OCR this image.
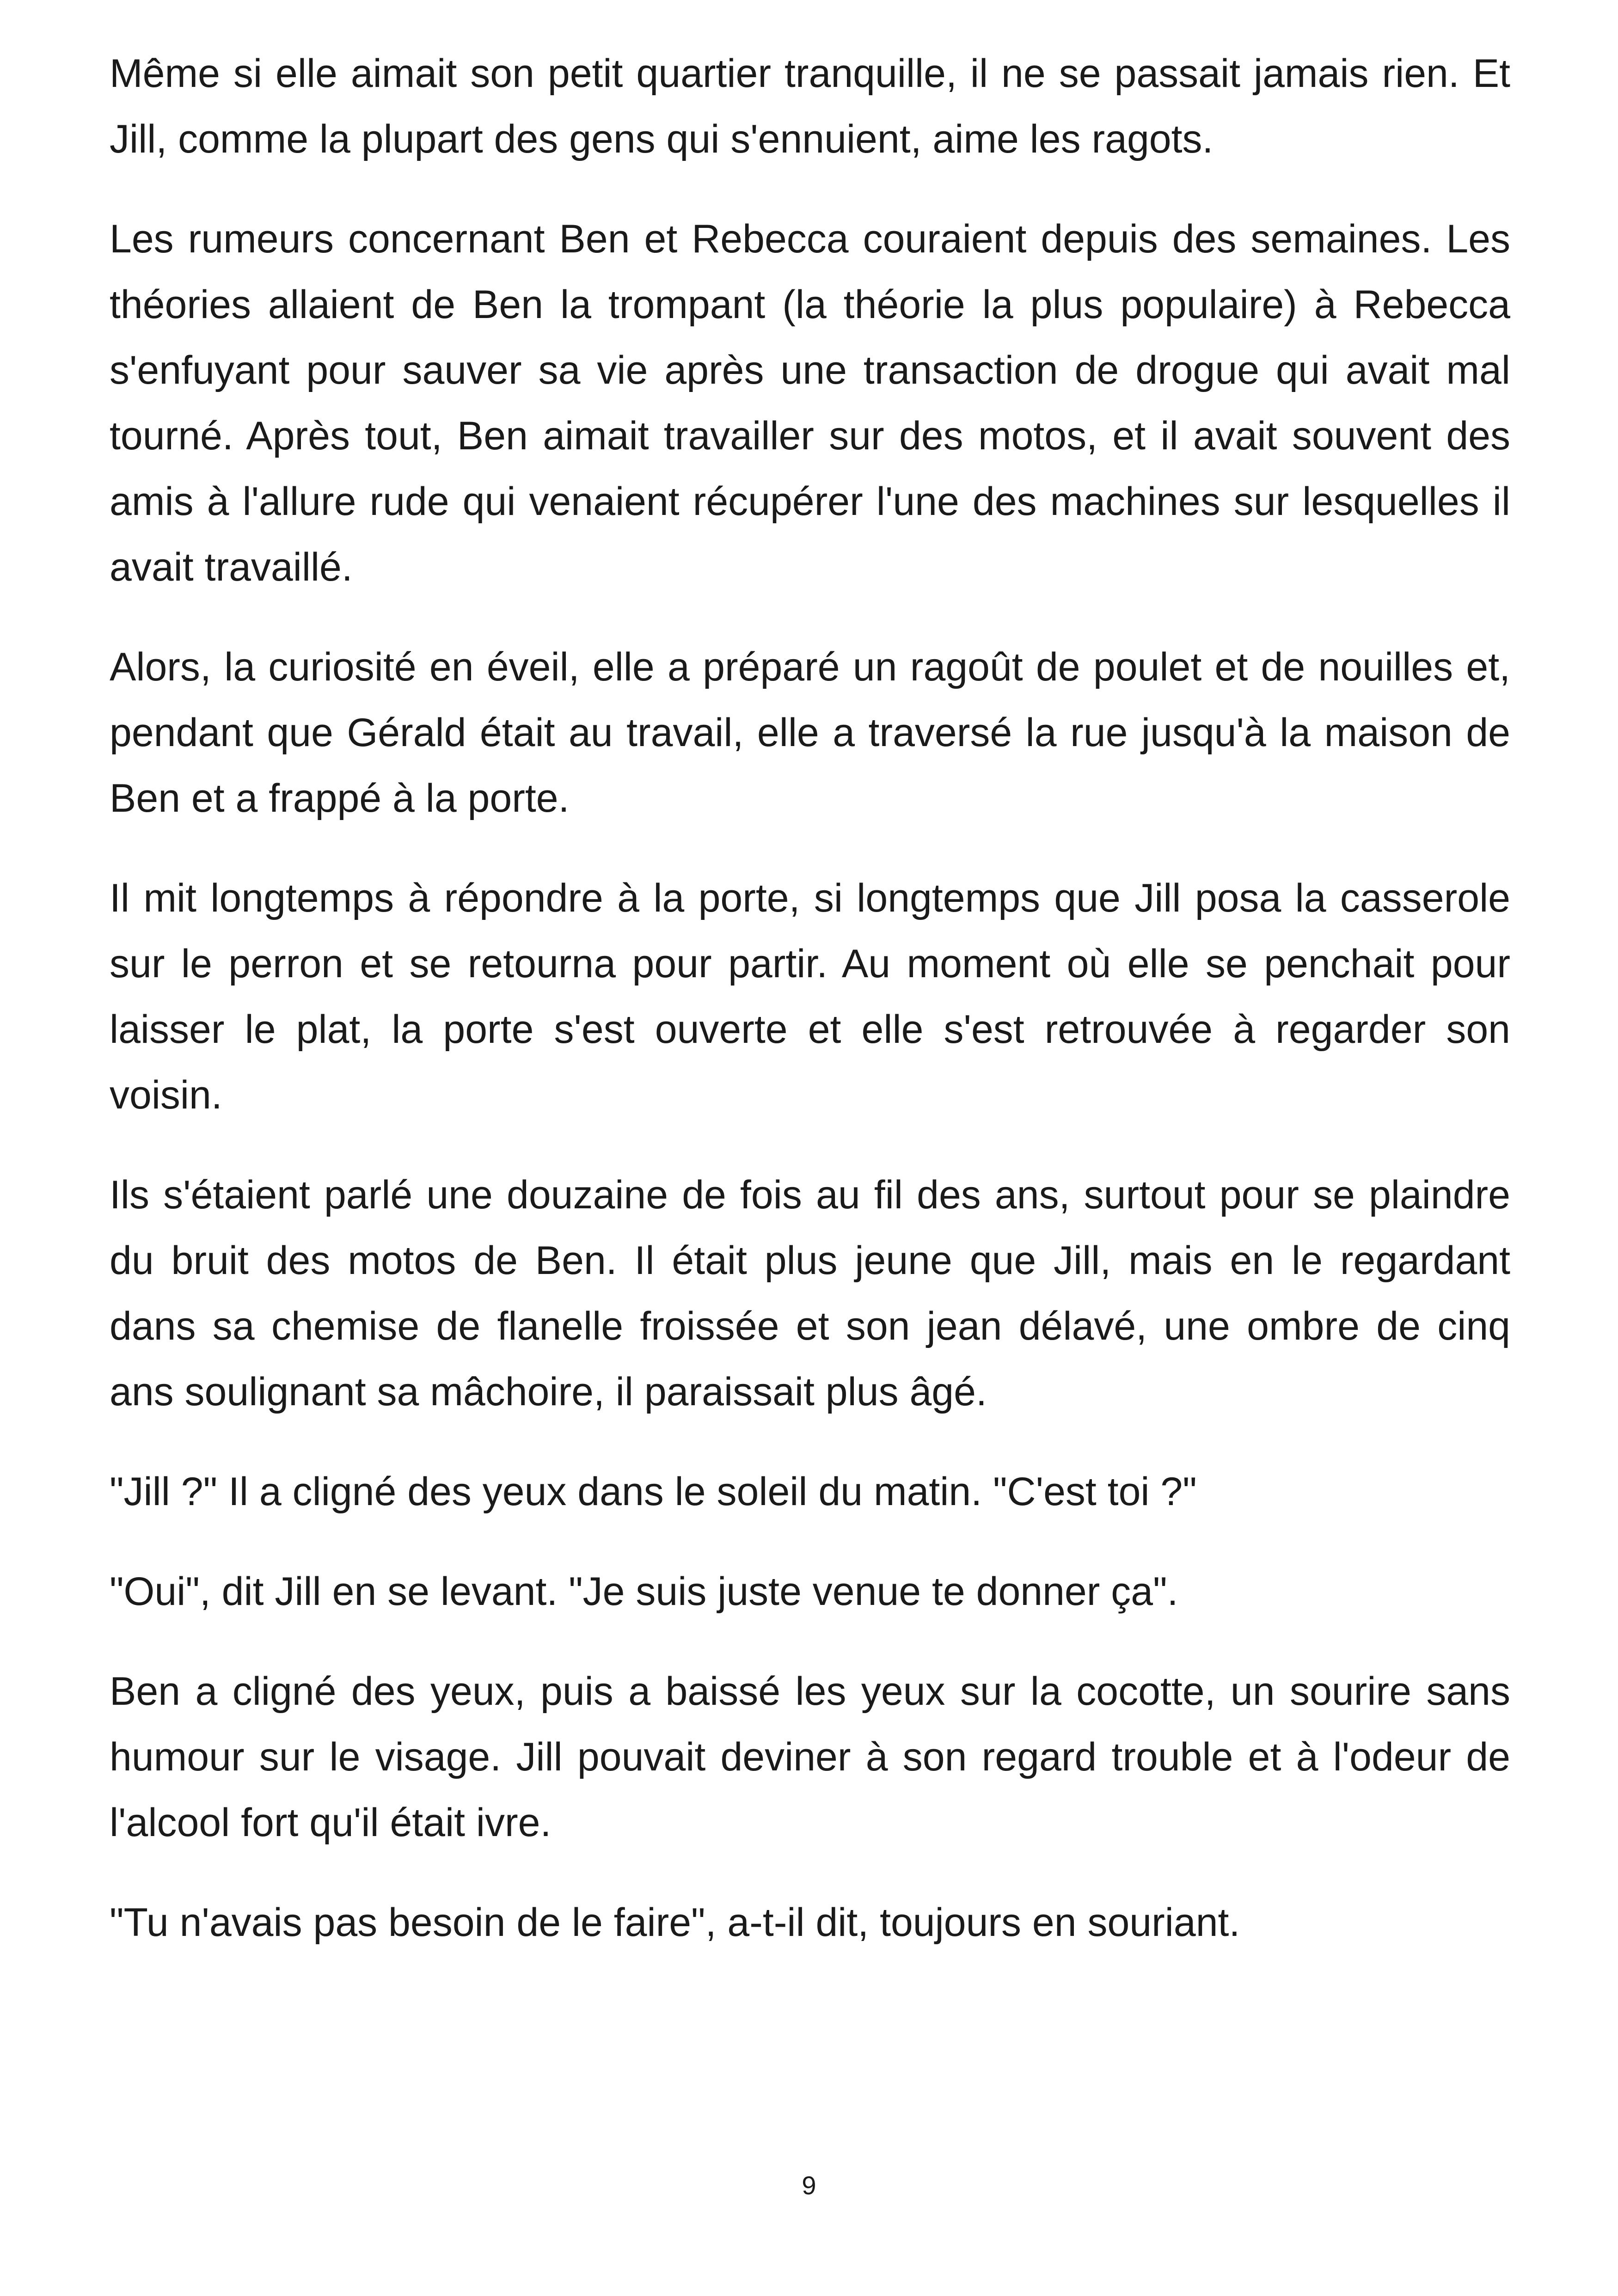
Même si elle aimait son petit quartier tranquille, il ne se passait jamais rien. Et Jill, comme la plupart des gens qui s'ennuient, aime les ragots.

Les rumeurs concernant Ben et Rebecca couraient depuis des semaines. Les théories allaient de Ben la trompant (la théorie la plus populaire) à Rebecca s'enfuyant pour sauver sa vie après une transaction de drogue qui avait mal tourné. Après tout, Ben aimait travailler sur des motos, et il avait souvent des amis à l'allure rude qui venaient récupérer l'une des machines sur lesquelles il avait travaillé.

Alors, la curiosité en éveil, elle a préparé un ragoût de poulet et de nouilles et, pendant que Gérald était au travail, elle a traversé la rue jusqu'à la maison de Ben et a frappé à la porte.

Il mit longtemps à répondre à la porte, si longtemps que Jill posa la casserole sur le perron et se retourna pour partir. Au moment où elle se penchait pour laisser le plat, la porte s'est ouverte et elle s'est retrouvée à regarder son voisin.

Ils s'étaient parlé une douzaine de fois au fil des ans, surtout pour se plaindre du bruit des motos de Ben. Il était plus jeune que Jill, mais en le regardant dans sa chemise de flanelle froissée et son jean délavé, une ombre de cinq ans soulignant sa mâchoire, il paraissait plus âgé.

"Jill ?" Il a cligné des yeux dans le soleil du matin. "C'est toi ?"

"Oui", dit Jill en se levant. "Je suis juste venue te donner ça".

Ben a cligné des yeux, puis a baissé les yeux sur la cocotte, un sourire sans humour sur le visage. Jill pouvait deviner à son regard trouble et à l'odeur de l'alcool fort qu'il était ivre.

"Tu n'avais pas besoin de le faire", a-t-il dit, toujours en souriant.

9
